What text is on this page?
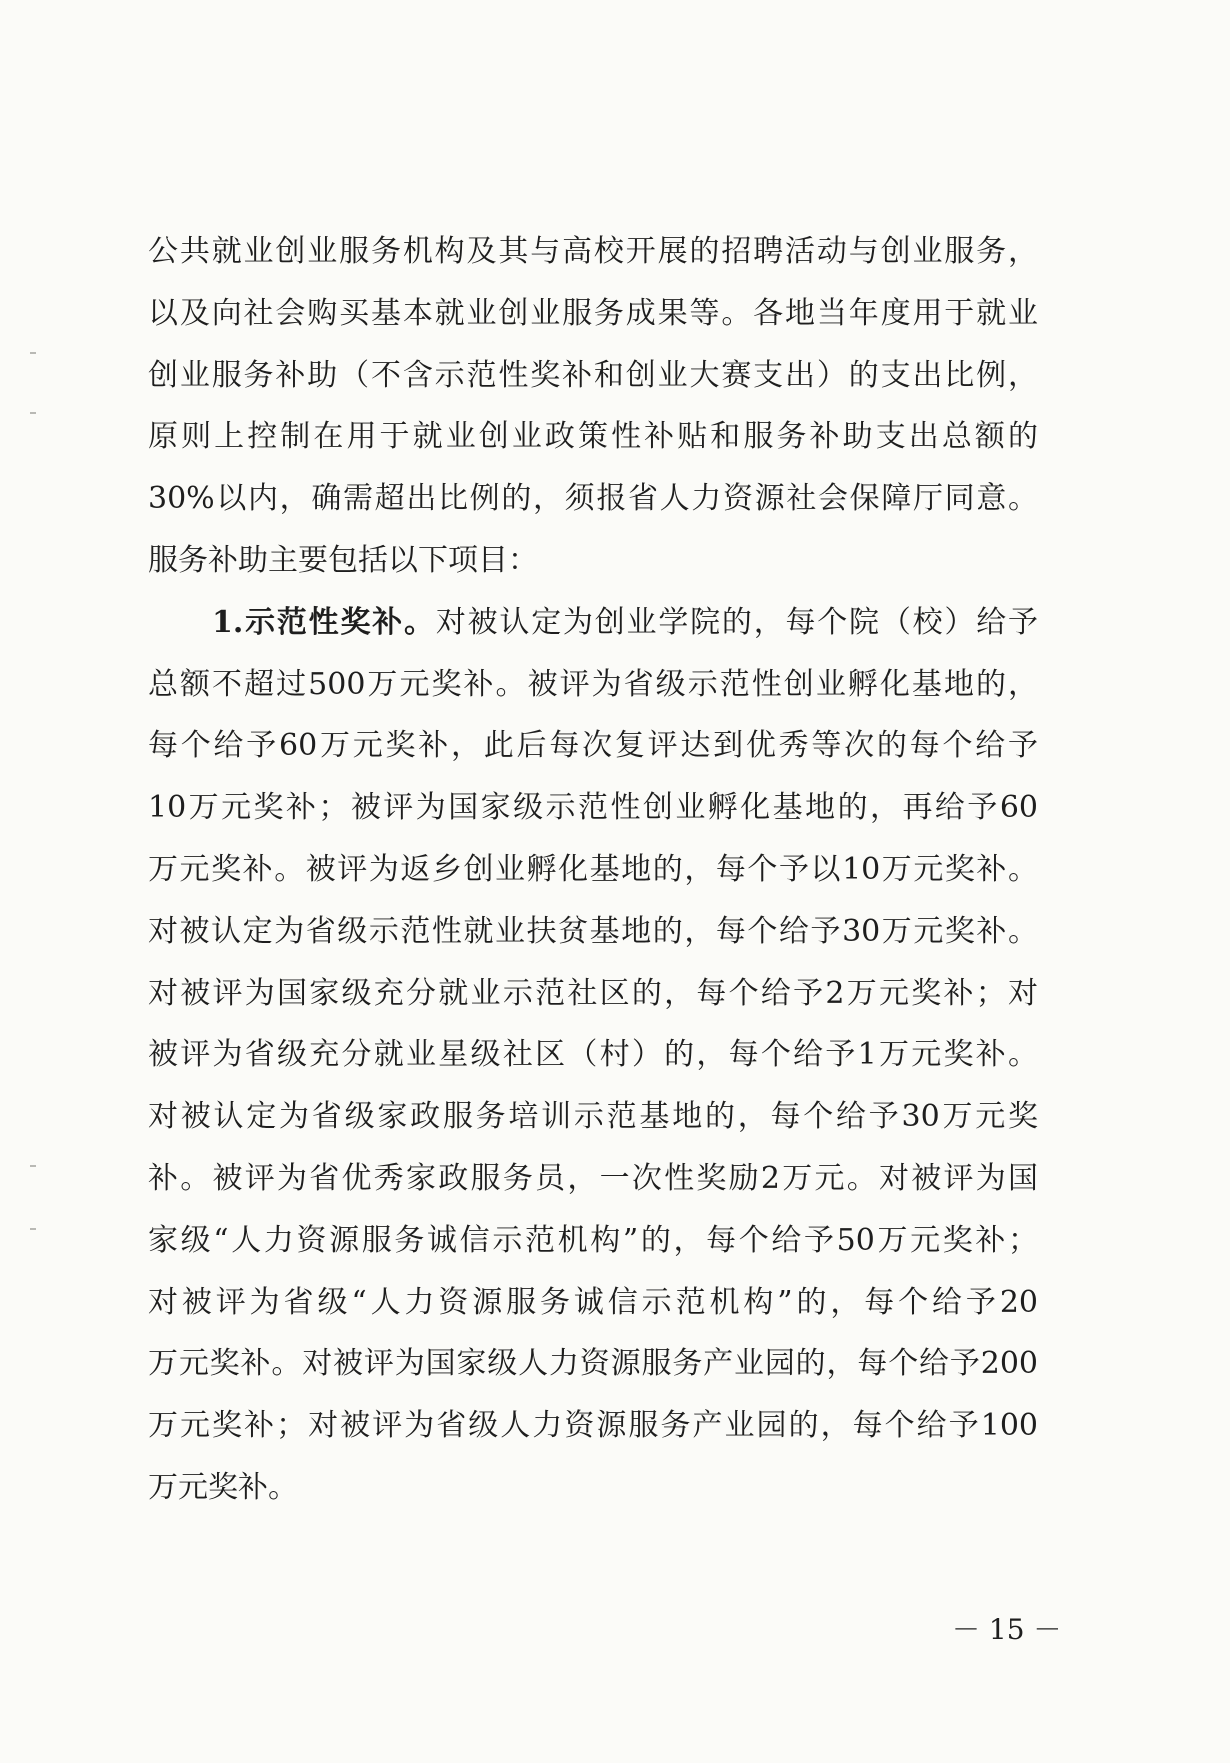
公共就业创业服务机构及其与高校开展的招聘活动与创业服务，
以及向社会购买基本就业创业服务成果等。各地当年度用于就业
创业服务补助（不含示范性奖补和创业大赛支出）的支出比例，
原则上控制在用于就业创业政策性补贴和服务补助支出总额的
30%以内，确需超出比例的，须报省人力资源社会保障厅同意。
服务补助主要包括以下项目：
1.示范性奖补。对被认定为创业学院的，每个院（校）给予
总额不超过500万元奖补。被评为省级示范性创业孵化基地的，
每个给予60万元奖补，此后每次复评达到优秀等次的每个给予
10万元奖补；被评为国家级示范性创业孵化基地的，再给予60
万元奖补。被评为返乡创业孵化基地的，每个予以10万元奖补。
对被认定为省级示范性就业扶贫基地的，每个给予30万元奖补。
对被评为国家级充分就业示范社区的，每个给予2万元奖补；对
被评为省级充分就业星级社区（村）的，每个给予1万元奖补。
对被认定为省级家政服务培训示范基地的，每个给予30万元奖
补。被评为省优秀家政服务员，一次性奖励2万元。对被评为国
家级“人力资源服务诚信示范机构”的，每个给予50万元奖补；
对被评为省级“人力资源服务诚信示范机构”的，每个给予20
万元奖补。对被评为国家级人力资源服务产业园的，每个给予200
万元奖补；对被评为省级人力资源服务产业园的，每个给予100
万元奖补。
－ 15 －
